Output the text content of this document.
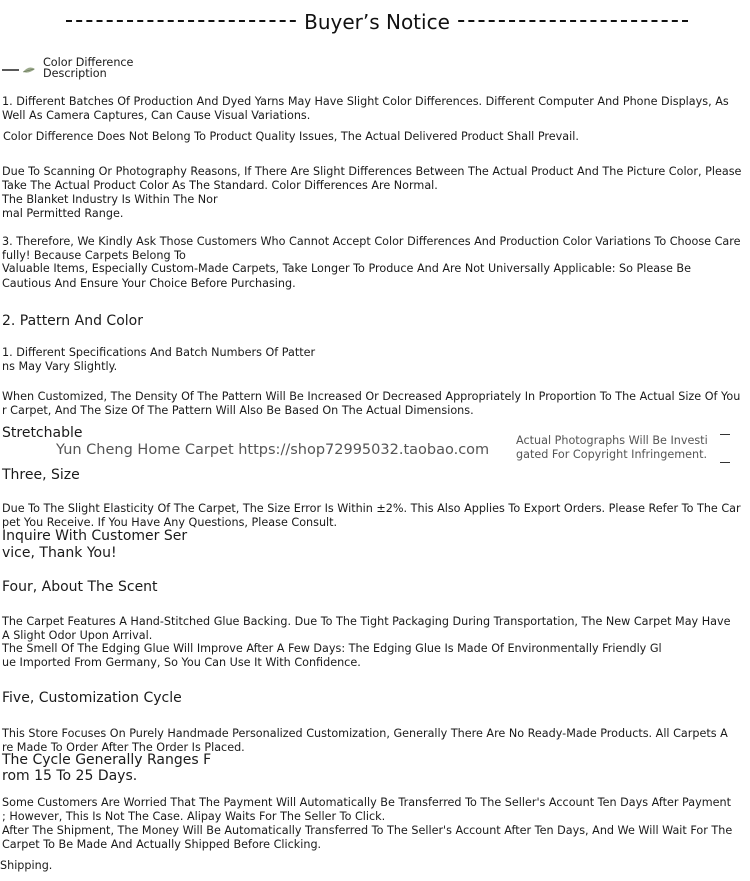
Buyer’s Notice

Color Difference

Description

1. Different Batches Of Production And Dyed Yarns May Have Slight Color Differences. Different Computer And Phone Displays, As

Well As Camera Captures, Can Cause Visual Variations.

Color Difference Does Not Belong To Product Quality Issues, The Actual Delivered Product Shall Prevail.

Due To Scanning Or Photography Reasons, If There Are Slight Differences Between The Actual Product And The Picture Color, Please

Take The Actual Product Color As The Standard. Color Differences Are Normal.

The Blanket Industry Is Within The Nor

mal Permitted Range.

3. Therefore, We Kindly Ask Those Customers Who Cannot Accept Color Differences And Production Color Variations To Choose Care

fully! Because Carpets Belong To

Valuable Items, Especially Custom-Made Carpets, Take Longer To Produce And Are Not Universally Applicable: So Please Be

Cautious And Ensure Your Choice Before Purchasing.

2. Pattern And Color

1. Different Specifications And Batch Numbers Of Patter

ns May Vary Slightly.

When Customized, The Density Of The Pattern Will Be Increased Or Decreased Appropriately In Proportion To The Actual Size Of You

r Carpet, And The Size Of The Pattern Will Also Be Based On The Actual Dimensions.

Stretchable

Yun Cheng Home Carpet https://shop72995032.taobao.com

Actual Photographs Will Be Investi

gated For Copyright Infringement.

Three, Size

Due To The Slight Elasticity Of The Carpet, The Size Error Is Within ±2%. This Also Applies To Export Orders. Please Refer To The Car

pet You Receive. If You Have Any Questions, Please Consult.

Inquire With Customer Ser

vice, Thank You!

Four, About The Scent

The Carpet Features A Hand-Stitched Glue Backing. Due To The Tight Packaging During Transportation, The New Carpet May Have

A Slight Odor Upon Arrival.

The Smell Of The Edging Glue Will Improve After A Few Days: The Edging Glue Is Made Of Environmentally Friendly Gl

ue Imported From Germany, So You Can Use It With Confidence.

Five, Customization Cycle

This Store Focuses On Purely Handmade Personalized Customization, Generally There Are No Ready-Made Products. All Carpets A

re Made To Order After The Order Is Placed.

The Cycle Generally Ranges F

rom 15 To 25 Days.

Some Customers Are Worried That The Payment Will Automatically Be Transferred To The Seller's Account Ten Days After Payment

; However, This Is Not The Case. Alipay Waits For The Seller To Click.

After The Shipment, The Money Will Be Automatically Transferred To The Seller's Account After Ten Days, And We Will Wait For The

Carpet To Be Made And Actually Shipped Before Clicking.

Shipping.
